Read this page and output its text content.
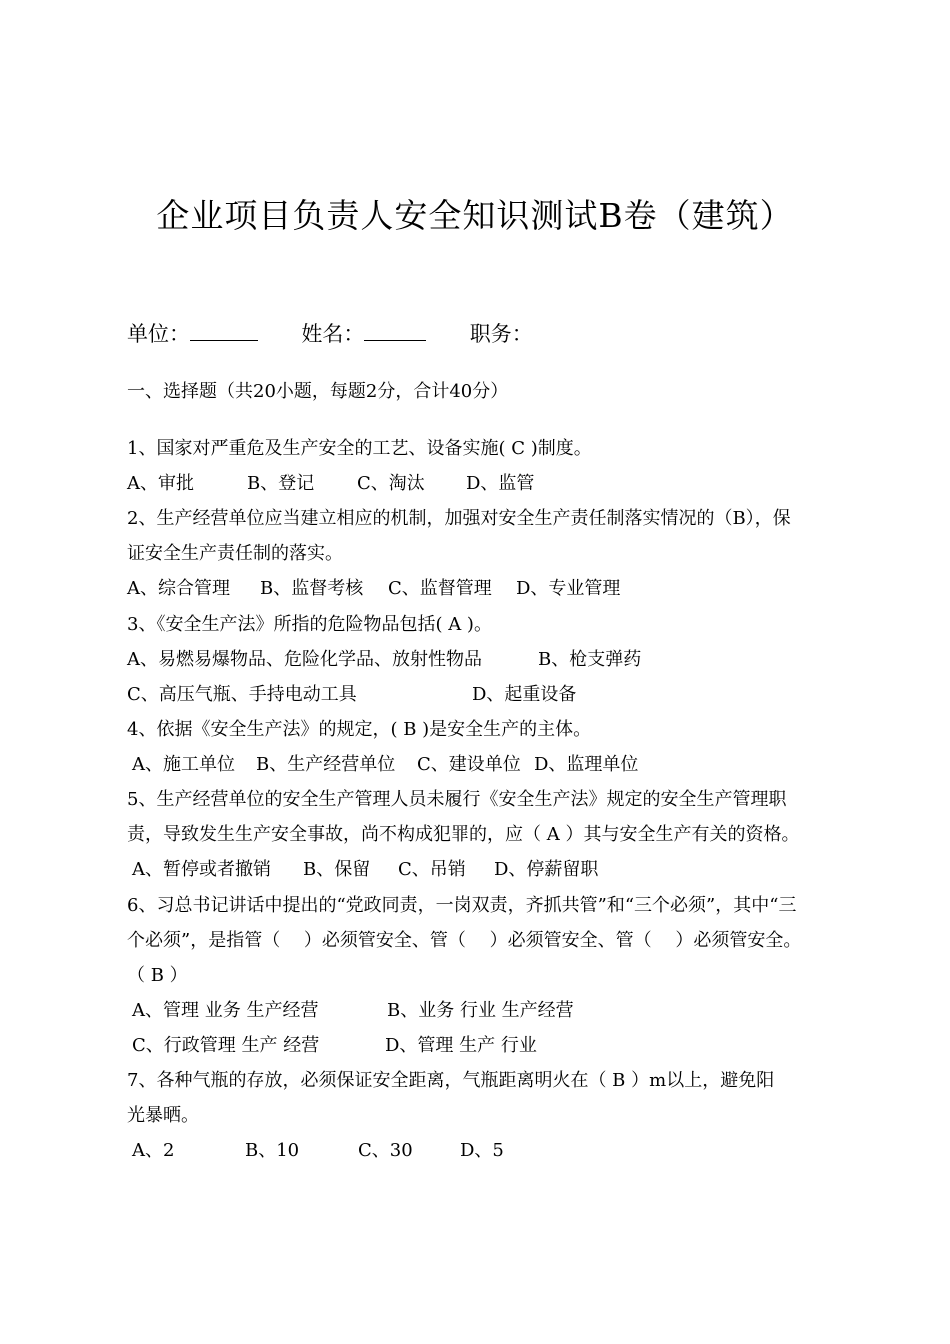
企业项目负责人安全知识测试B卷（建筑）
单位：	姓名：	职务：
一、选择题（共20小题，每题2分，合计40分）
1、国家对严重危及生产安全的工艺、设备实施( C )制度。
A、审批	B、登记 C、淘汰 D、监管
2、生产经营单位应当建立相应的机制，加强对安全生产责任制落实情况的（B），保
证安全生产责任制的落实。
A、综合管理 B、监督考核 C、监督管理 D、专业管理
3、《安全生产法》所指的危险物品包括( A )。
A、易燃易爆物品、危险化学品、放射性物品	B、枪支弹药
C、高压气瓶、手持电动工具	D、起重设备
4、依据《安全生产法》的规定，( B )是安全生产的主体。
A、施工单位 B、生产经营单位 C、建设单位 D、监理单位
5、生产经营单位的安全生产管理人员未履行《安全生产法》规定的安全生产管理职
责，导致发生生产安全事故，尚不构成犯罪的，应（ A ）其与安全生产有关的资格。
A、暂停或者撤销 B、保留 C、吊销 D、停薪留职
6、习总书记讲话中提出的“党政同责，一岗双责，齐抓共管”和“三个必须”，其中“三
个必须”，是指管（　 ）必须管安全、管（　 ）必须管安全、管（　 ）必须管安全。
（ B ）
A、管理 业务 生产经营	B、业务 行业 生产经营
C、行政管理 生产 经营	D、管理 生产 行业
7、各种气瓶的存放，必须保证安全距离，气瓶距离明火在（ B ）m以上，避免阳
光暴晒。
A、2	B、10	C、30	D、5
